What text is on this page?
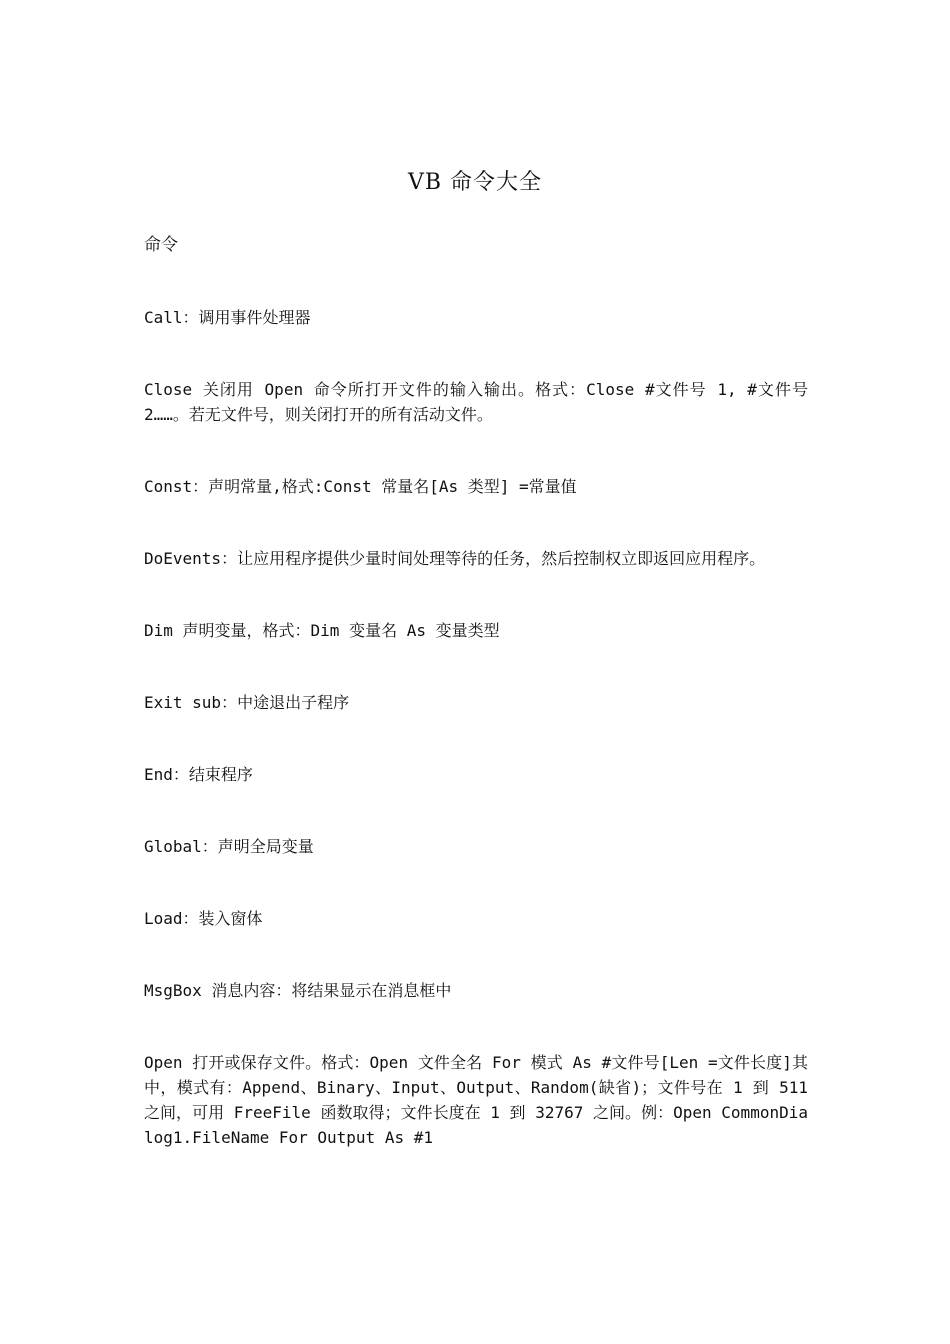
VB 命令大全
命令

Call：调用事件处理器

Close 关闭用 Open 命令所打开文件的输入输出。格式：Close #文件号 1, #文件号 2……。若无文件号，则关闭打开的所有活动文件。

Const：声明常量,格式:Const 常量名[As 类型] =常量值

DoEvents：让应用程序提供少量时间处理等待的任务，然后控制权立即返回应用程序。

Dim 声明变量，格式：Dim 变量名 As 变量类型

Exit sub：中途退出子程序

End：结束程序

Global：声明全局变量

Load：装入窗体

MsgBox 消息内容：将结果显示在消息框中

Open 打开或保存文件。格式：Open 文件全名 For 模式 As #文件号[Len =文件长度]其中，模式有：Append、Binary、Input、Output、Random(缺省)；文件号在 1 到 511 之间，可用 FreeFile 函数取得；文件长度在 1 到 32767 之间。例：Open CommonDialog1.FileName For Output As #1
